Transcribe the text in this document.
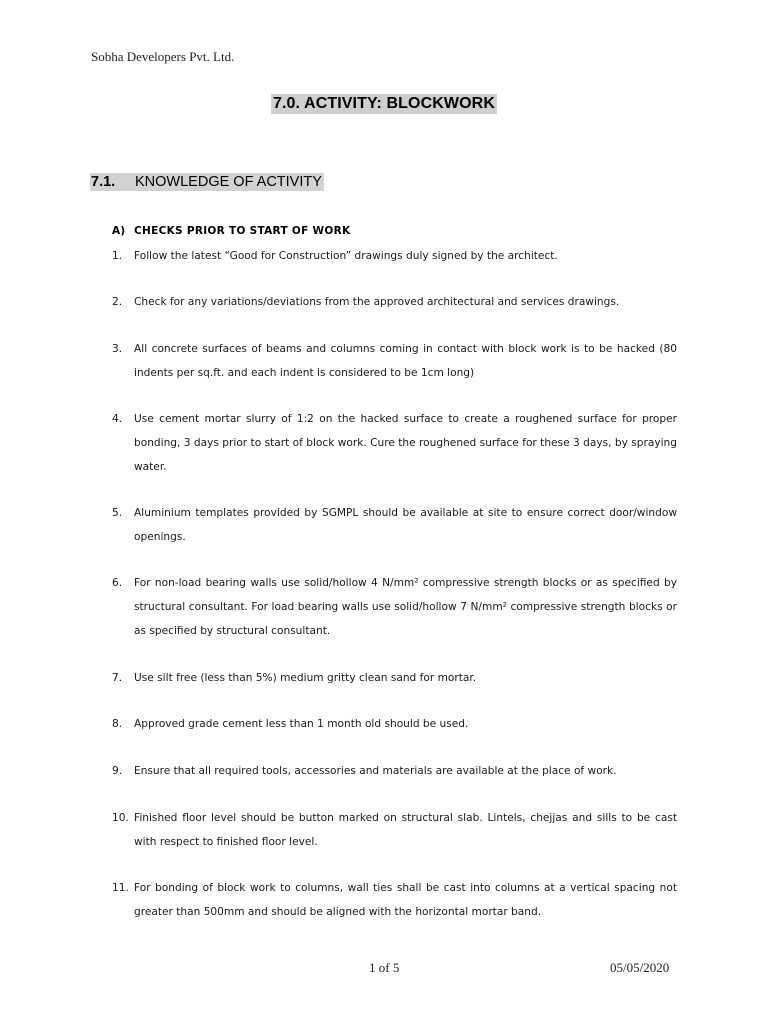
Sobha Developers Pvt. Ltd.
7.0. ACTIVITY: BLOCKWORK
7.1. KNOWLEDGE OF ACTIVITY
A) CHECKS PRIOR TO START OF WORK
1. Follow the latest “Good for Construction” drawings duly signed by the architect.
2. Check for any variations/deviations from the approved architectural and services drawings.
3. All concrete surfaces of beams and columns coming in contact with block work is to be hacked (80 indents per sq.ft. and each indent is considered to be 1cm long)
4. Use cement mortar slurry of 1:2 on the hacked surface to create a roughened surface for proper bonding, 3 days prior to start of block work. Cure the roughened surface for these 3 days, by spraying water.
5. Aluminium templates provided by SGMPL should be available at site to ensure correct door/window openings.
6. For non-load bearing walls use solid/hollow 4 N/mm² compressive strength blocks or as specified by structural consultant. For load bearing walls use solid/hollow 7 N/mm² compressive strength blocks or as specified by structural consultant.
7. Use silt free (less than 5%) medium gritty clean sand for mortar.
8. Approved grade cement less than 1 month old should be used.
9. Ensure that all required tools, accessories and materials are available at the place of work.
10. Finished floor level should be button marked on structural slab. Lintels, chejjas and sills to be cast with respect to finished floor level.
11. For bonding of block work to columns, wall ties shall be cast into columns at a vertical spacing not greater than 500mm and should be aligned with the horizontal mortar band.
1 of 5	05/05/2020
